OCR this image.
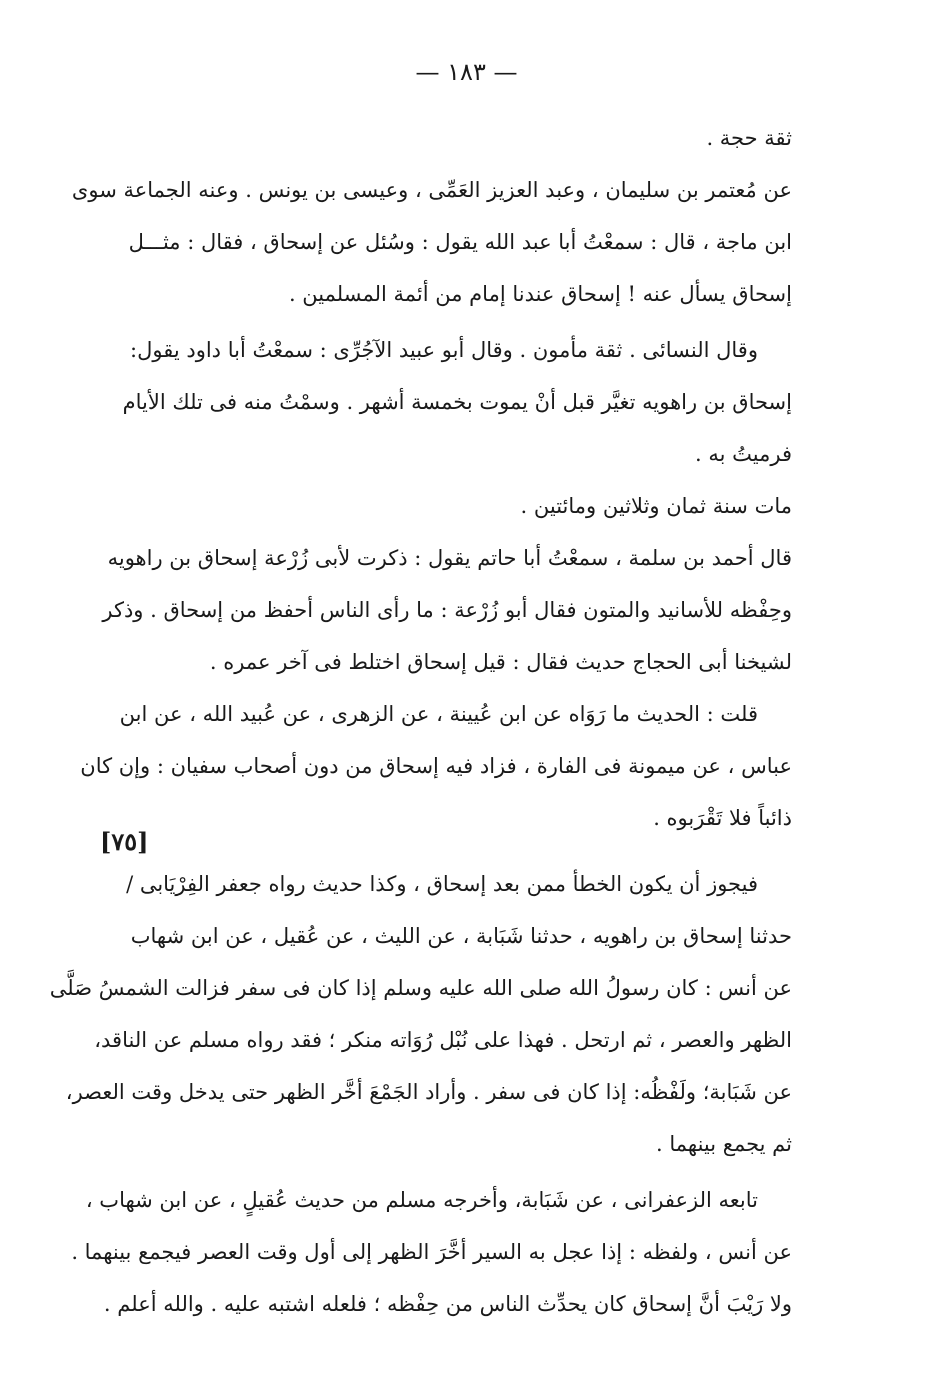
— ١٨٣ —
[٧٥]
ثقة حجة .
عن مُعتمر بن سليمان ، وعبد العزيز العَمِّى ، وعيسى بن يونس . وعنه الجماعة سوى
ابن ماجة ، قال : سمعْتُ أبا عبد الله يقول : وسُئل عن إسحاق ، فقال : مثـــل
إسحاق يسأل عنه ! إسحاق عندنا إمام من أئمة المسلمين .
وقال النسائى . ثقة مأمون . وقال أبو عبيد الآجُرِّى : سمعْتُ أبا داود يقول:
إسحاق بن راهويه تغيَّر قبل أنْ يموت بخمسة أشهر . وسمْتُ منه فى تلك الأيام
فرميتُ به .
مات سنة ثمان وثلاثين ومائتين .
قال أحمد بن سلمة ، سمعْتُ أبا حاتم يقول : ذكرت لأبى زُرْعة إسحاق بن راهويه
وحِفْظه للأسانيد والمتون فقال أبو زُرْعة : ما رأى الناس أحفظ من إسحاق . وذكر
لشيخنا أبى الحجاج حديث فقال : قيل إسحاق اختلط فى آخر عمره .
قلت : الحديث ما رَوَاه عن ابن عُيينة ، عن الزهرى ، عن عُبيد الله ، عن ابن
عباس ، عن ميمونة فى الفارة ، فزاد فيه إسحاق من دون أصحاب سفيان : وإن كان
ذائباً فلا تَقْرَبوه .
فيجوز أن يكون الخطأ ممن بعد إسحاق ، وكذا حديث رواه جعفر الفِرْيَابى /
حدثنا إسحاق بن راهويه ، حدثنا شَبَابة ، عن الليث ، عن عُقيل ، عن ابن شهاب
عن أنس : كان رسولُ الله صلى الله عليه وسلم إذا كان فى سفر فزالت الشمسُ صَلَّى
الظهر والعصر ، ثم ارتحل . فهذا على نُبْل رُوَاته منكر ؛ فقد رواه مسلم عن الناقد،
عن شَبَابة؛ ولَفْظُه: إذا كان فى سفر . وأراد الجَمْعَ أخَّر الظهر حتى يدخل وقت العصر،
ثم يجمع بينهما .
تابعه الزعفرانى ، عن شَبَابة، وأخرجه مسلم من حديث عُقيلٍ ، عن ابن شهاب ،
عن أنس ، ولفظه : إذا عجل به السير أخَّرَ الظهر إلى أول وقت العصر فيجمع بينهما .
ولا رَيْبَ أنَّ إسحاق كان يحدِّث الناس من حِفْظه ؛ فلعله اشتبه عليه . والله أعلم .
